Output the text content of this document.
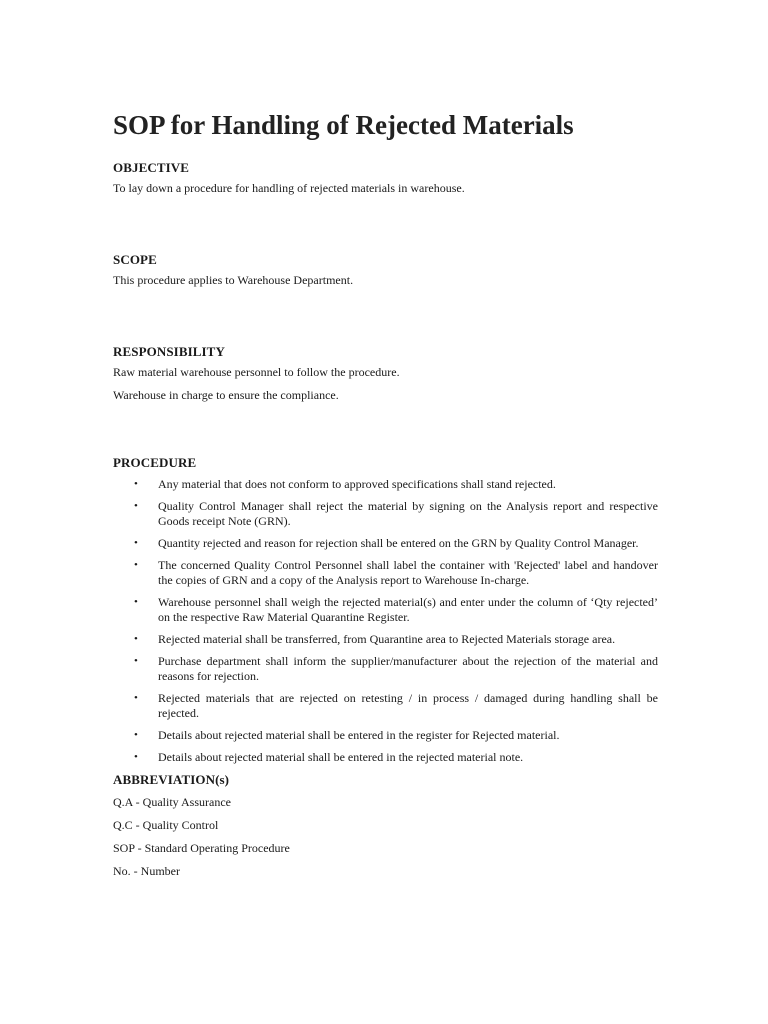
SOP for Handling of Rejected Materials
OBJECTIVE

To lay down a procedure for handling of rejected materials in warehouse.

SCOPE

This procedure applies to Warehouse Department.

RESPONSIBILITY

Raw material warehouse personnel to follow the procedure.

Warehouse in charge to ensure the compliance.

PROCEDURE
• Any material that does not conform to approved specifications shall stand rejected.
• Quality Control Manager shall reject the material by signing on the Analysis report and respective Goods receipt Note (GRN).
• Quantity rejected and reason for rejection shall be entered on the GRN by Quality Control Manager.
• The concerned Quality Control Personnel shall label the container with 'Rejected' label and handover the copies of GRN and a copy of the Analysis report to Warehouse In-charge.
• Warehouse personnel shall weigh the rejected material(s) and enter under the column of ‘Qty rejected’ on the respective Raw Material Quarantine Register.
• Rejected material shall be transferred, from Quarantine area to Rejected Materials storage area.
• Purchase department shall inform the supplier/manufacturer about the rejection of the material and reasons for rejection.
• Rejected materials that are rejected on retesting / in process / damaged during handling shall be rejected.
• Details about rejected material shall be entered in the register for Rejected material.
• Details about rejected material shall be entered in the rejected material note.
ABBREVIATION(s)

Q.A - Quality Assurance

Q.C - Quality Control

SOP - Standard Operating Procedure

No. - Number
